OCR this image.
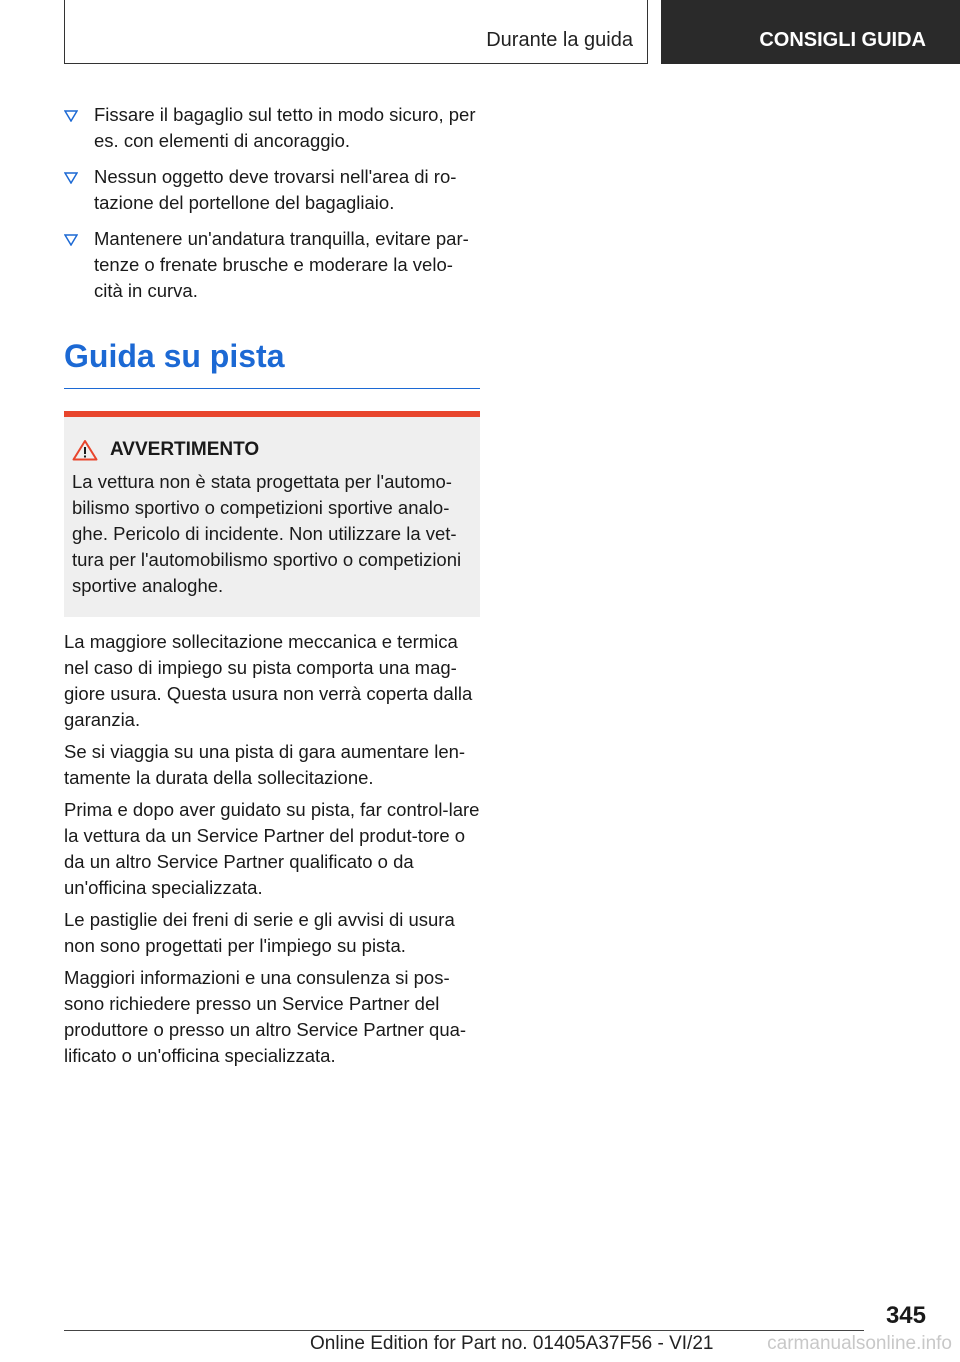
Durante la guida	CONSIGLI GUIDA
Fissare il bagaglio sul tetto in modo sicuro, per es. con elementi di ancoraggio.
Nessun oggetto deve trovarsi nell'area di ro-tazione del portellone del bagagliaio.
Mantenere un'andatura tranquilla, evitare par-tenze o frenate brusche e moderare la velo-cità in curva.
Guida su pista
AVVERTIMENTO

La vettura non è stata progettata per l'automo-bilismo sportivo o competizioni sportive analo-ghe. Pericolo di incidente. Non utilizzare la vet-tura per l'automobilismo sportivo o competizioni sportive analoghe.

La maggiore sollecitazione meccanica e termica nel caso di impiego su pista comporta una mag-giore usura. Questa usura non verrà coperta dalla garanzia.

Se si viaggia su una pista di gara aumentare len-tamente la durata della sollecitazione.

Prima e dopo aver guidato su pista, far control-lare la vettura da un Service Partner del produt-tore o da un altro Service Partner qualificato o da un'officina specializzata.

Le pastiglie dei freni di serie e gli avvisi di usura non sono progettati per l'impiego su pista.

Maggiori informazioni e una consulenza si pos-sono richiedere presso un Service Partner del produttore o presso un altro Service Partner qua-lificato o un'officina specializzata.

345
Online Edition for Part no. 01405A37F56 - VI/21	carmanualsonline.info
